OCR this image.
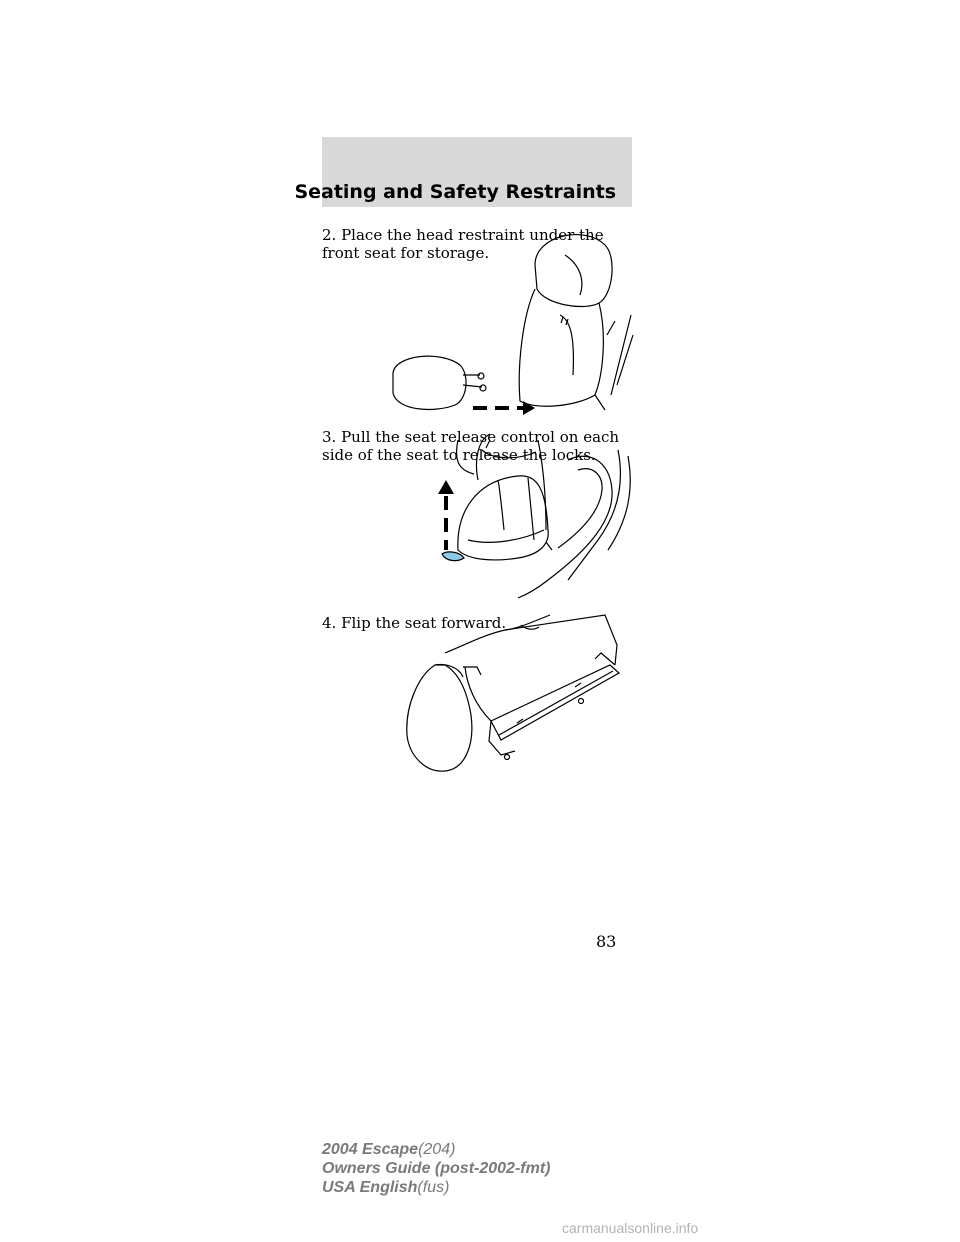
Seating and Safety Restraints
2. Place the head restraint under the front seat for storage.
3. Pull the seat release control on each side of the seat to release the locks.
4. Flip the seat forward.
83
2004 Escape(204)
Owners Guide (post-2002-fmt)
USA English(fus)
carmanualsonline.info
